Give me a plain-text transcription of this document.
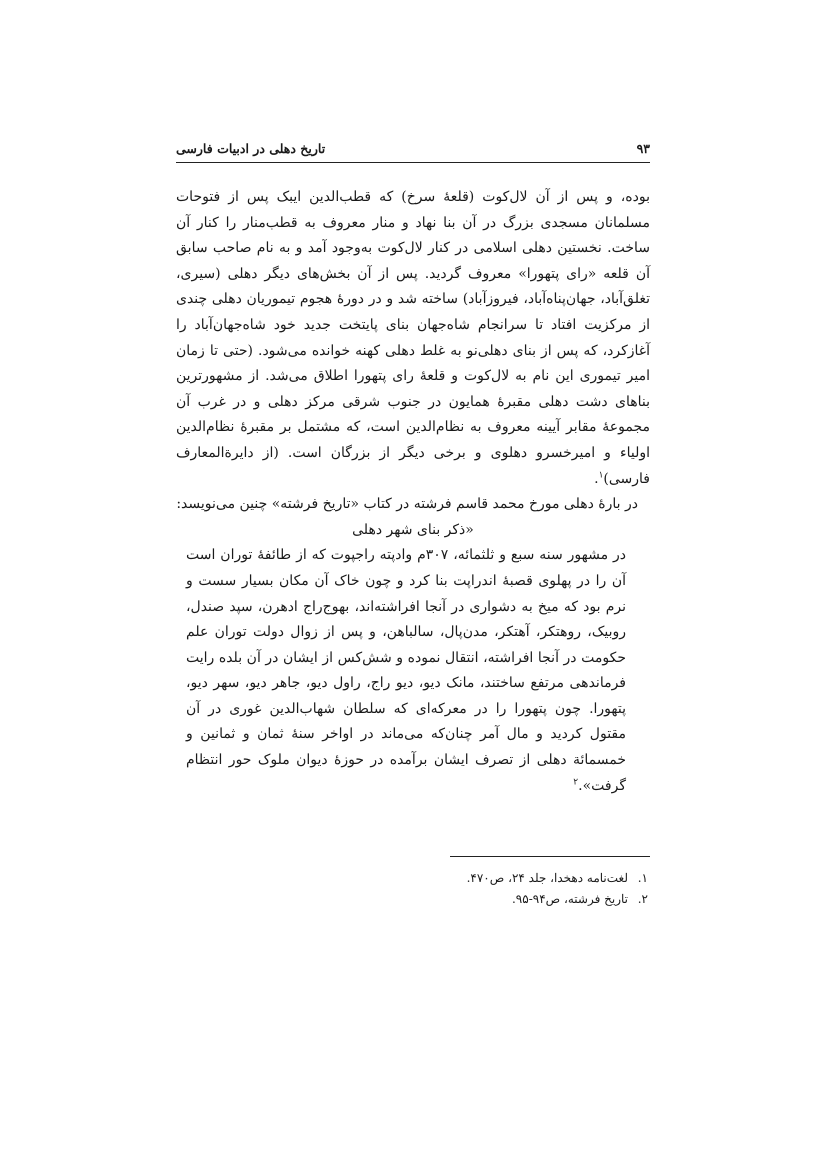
۹۳
تاریخ دهلی در ادبیات فارسی

بوده، و پس از آن لال‌کوت (قلعهٔ سرخ) که قطب‌الدین ایبک پس از فتوحات مسلمانان مسجدی بزرگ در آن بنا نهاد و منار معروف به قطب‌منار را کنار آن ساخت. نخستین دهلی اسلامی در کنار لال‌کوت به‌وجود آمد و به نام صاحب سابق آن قلعه «رای پتهورا» معروف گردید. پس از آن بخش‌های دیگر دهلی (سیری، تغلق‌آباد، جهان‌پناه‌آباد، فیروزآباد) ساخته شد و در دورهٔ هجوم تیموریان دهلی چندی از مرکزیت افتاد تا سرانجام شاه‌جهان بنای پایتخت جدید خود شاه‌جهان‌آباد را آغازکرد، که پس از بنای دهلی‌نو به غلط دهلی کهنه خوانده می‌شود. (حتی تا زمان امیر تیموری این نام به لال‌کوت و قلعهٔ رای پتهورا اطلاق می‌شد. از مشهورترین بناهای دشت دهلی مقبرهٔ همایون در جنوب شرقی مرکز دهلی و در غرب آن مجموعهٔ مقابر آیینه معروف به نظام‌الدین است، که مشتمل بر مقبرهٔ نظام‌الدین اولیاء و امیرخسرو دهلوی و برخی دیگر از بزرگان است. (از دایرةالمعارف فارسی)$^۱$.

در بارهٔ دهلی مورخ محمد قاسم فرشته در کتاب «تاریخ فرشته» چنین می‌نویسد:

«ذکر بنای شهر دهلی

در مشهور سنه سبع و ثلثمائه، ۳۰۷م وادپته راجپوت که از طائفهٔ توران است آن را در پهلوی قصبهٔ اندراپت بنا کرد و چون خاک آن مکان بسیار سست و نرم بود که میخ به دشواری در آنجا افراشته‌اند، بهوج‌راج ادهرن، سپد صندل، روبیک، روهتکر، آهتکر، مدن‌پال، سالباهن، و پس از زوال دولت توران علم حکومت در آنجا افراشته، انتقال نموده و شش‌کس از ایشان در آن بلده رایت فرماندهی مرتفع ساختند، مانک دیو، دیو راج، راول دیو، جاهر دیو، سهر دیو، پتهورا. چون پتهورا را در معرکه‌ای که سلطان شهاب‌الدین غوری در آن مقتول کردید و مال آمر چنان‌که می‌ماند در اواخر سنهٔ ثمان و ثمانین و خمسمائة دهلی از تصرف ایشان برآمده در حوزهٔ دیوان ملوک حور انتظام گرفت».$^۲$

۱.
لغت‌نامه دهخدا، جلد ۲۴، ص۴۷۰.
۲.
تاریخ فرشته، ص۹۴-۹۵.
